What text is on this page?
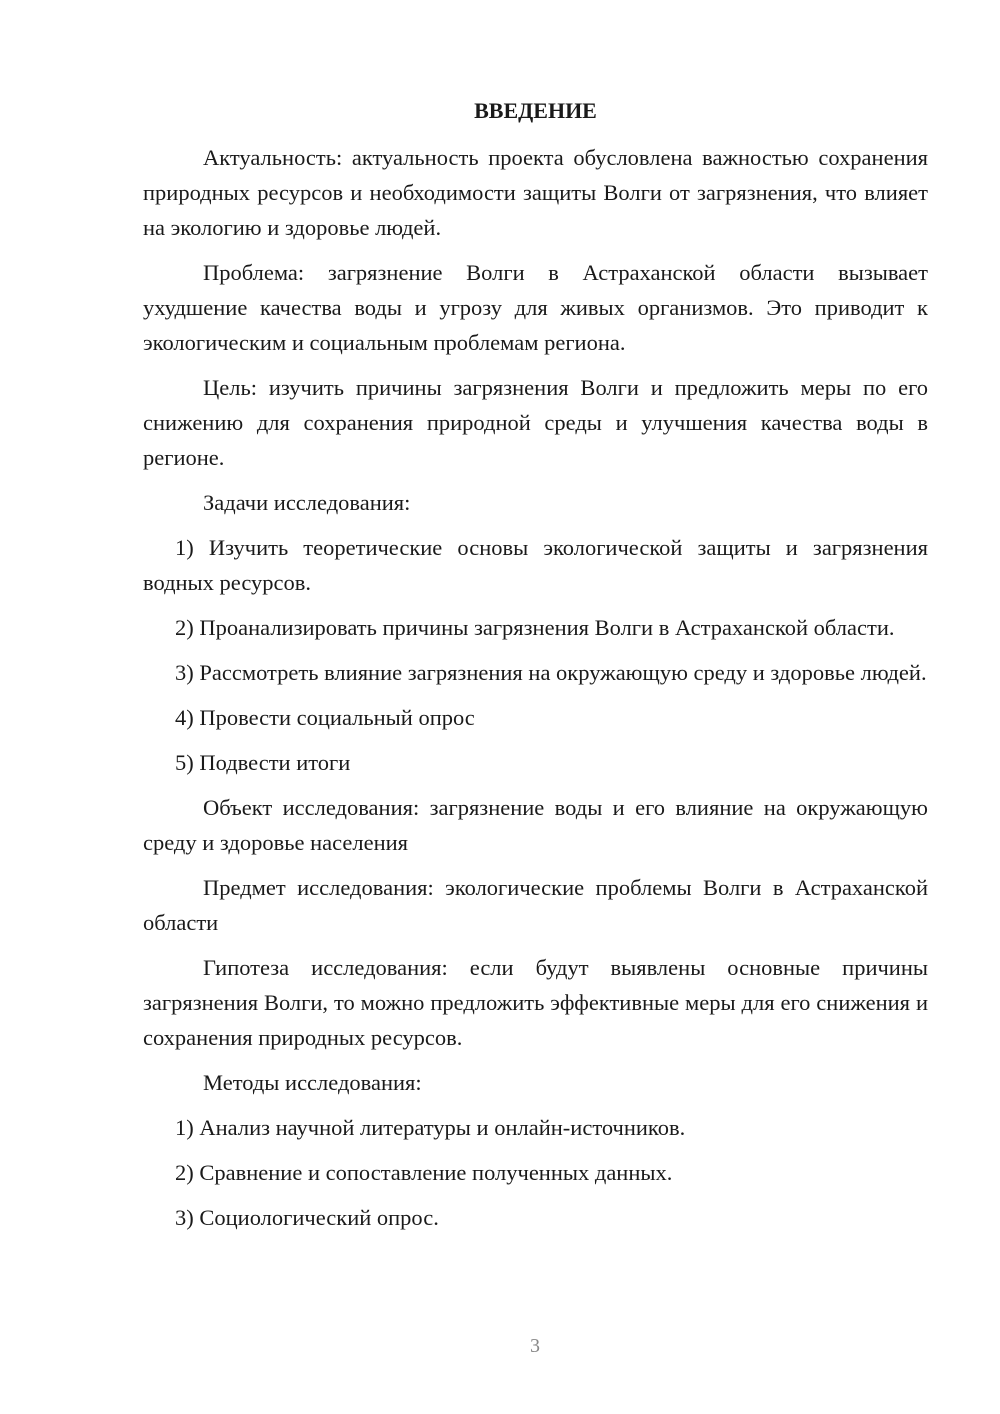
ВВЕДЕНИЕ

Актуальность: актуальность проекта обусловлена важностью сохранения природных ресурсов и необходимости защиты Волги от загрязнения, что влияет на экологию и здоровье людей.

Проблема: загрязнение Волги в Астраханской области вызывает ухудшение качества воды и угрозу для живых организмов. Это приводит к экологическим и социальным проблемам региона.

Цель: изучить причины загрязнения Волги и предложить меры по его снижению для сохранения природной среды и улучшения качества воды в регионе.

Задачи исследования:

1) Изучить теоретические основы экологической защиты и загрязнения водных ресурсов.

2) Проанализировать причины загрязнения Волги в Астраханской области.

3) Рассмотреть влияние загрязнения на окружающую среду и здоровье людей.

4) Провести социальный опрос

5) Подвести итоги

Объект исследования: загрязнение воды и его влияние на окружающую среду и здоровье населения

Предмет исследования: экологические проблемы Волги в Астраханской области

Гипотеза исследования: если будут выявлены основные причины загрязнения Волги, то можно предложить эффективные меры для его снижения и сохранения природных ресурсов.

Методы исследования:

1) Анализ научной литературы и онлайн-источников.

2) Сравнение и сопоставление полученных данных.

3) Социологический опрос.

3
